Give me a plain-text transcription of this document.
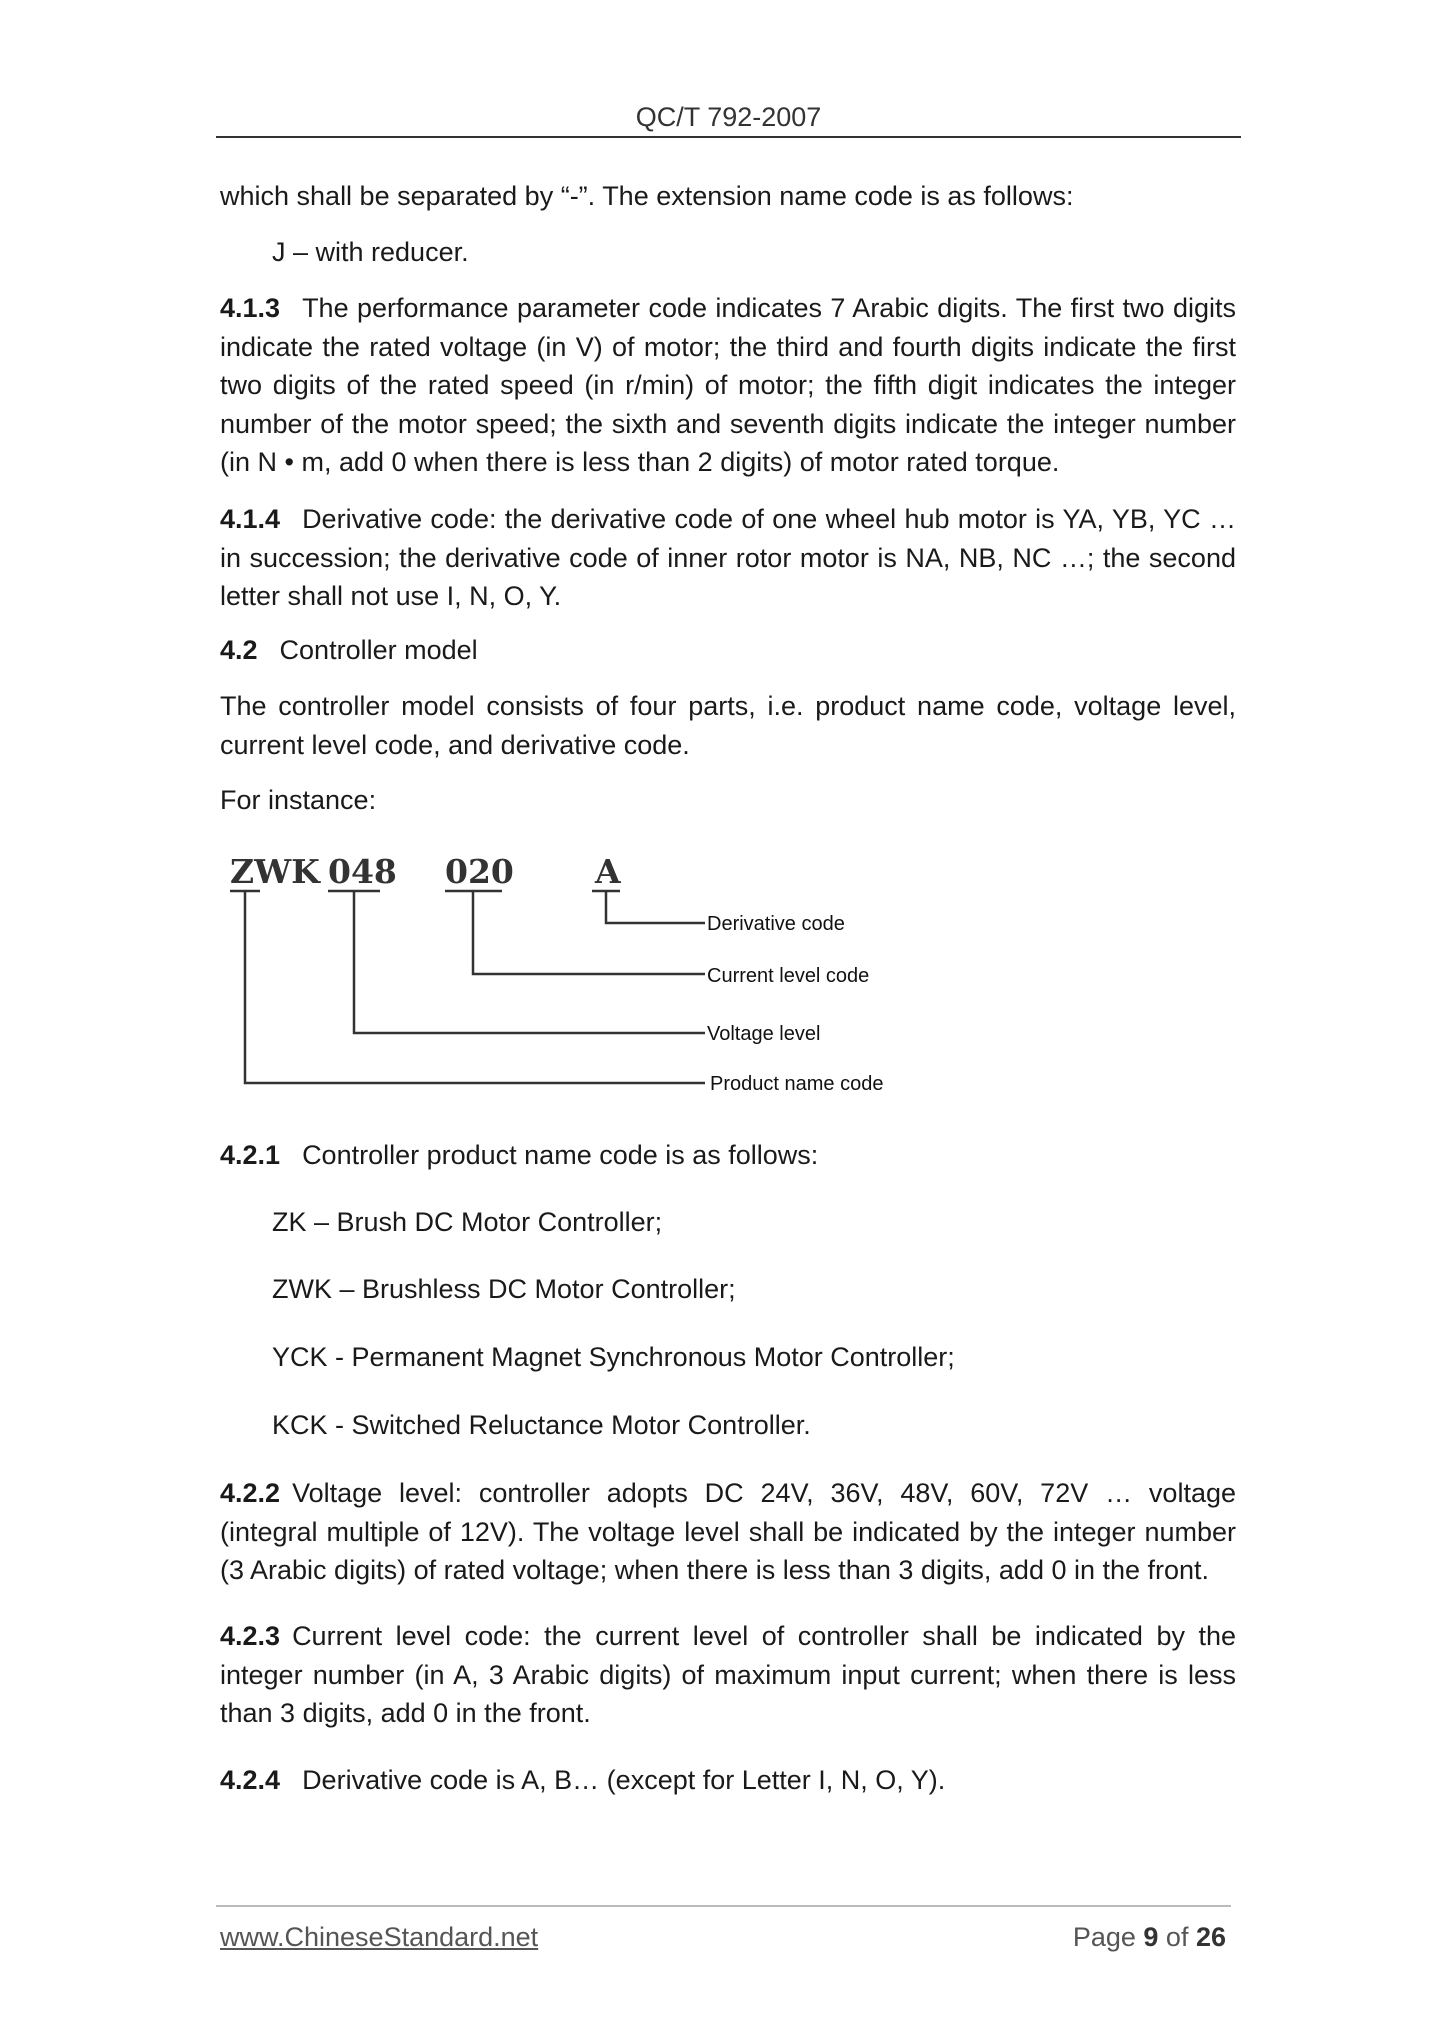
QC/T 792-2007

which shall be separated by “-”. The extension name code is as follows:

J – with reducer.

4.1.3 The performance parameter code indicates 7 Arabic digits. The first two digits indicate the rated voltage (in V) of motor; the third and fourth digits indicate the first two digits of the rated speed (in r/min) of motor; the fifth digit indicates the integer number of the motor speed; the sixth and seventh digits indicate the integer number (in N • m, add 0 when there is less than 2 digits) of motor rated torque.

4.1.4 Derivative code: the derivative code of one wheel hub motor is YA, YB, YC … in succession; the derivative code of inner rotor motor is NA, NB, NC …; the second letter shall not use I, N, O, Y.

4.2 Controller model

The controller model consists of four parts, i.e. product name code, voltage level, current level code, and derivative code.

For instance:

ZWK 048 020 A
Derivative code
Current level code
Voltage level
Product name code

4.2.1 Controller product name code is as follows:

ZK – Brush DC Motor Controller;

ZWK – Brushless DC Motor Controller;

YCK - Permanent Magnet Synchronous Motor Controller;

KCK - Switched Reluctance Motor Controller.

4.2.2 Voltage level: controller adopts DC 24V, 36V, 48V, 60V, 72V … voltage (integral multiple of 12V). The voltage level shall be indicated by the integer number (3 Arabic digits) of rated voltage; when there is less than 3 digits, add 0 in the front.

4.2.3 Current level code: the current level of controller shall be indicated by the integer number (in A, 3 Arabic digits) of maximum input current; when there is less than 3 digits, add 0 in the front.

4.2.4 Derivative code is A, B… (except for Letter I, N, O, Y).

www.ChineseStandard.net	Page 9 of 26
